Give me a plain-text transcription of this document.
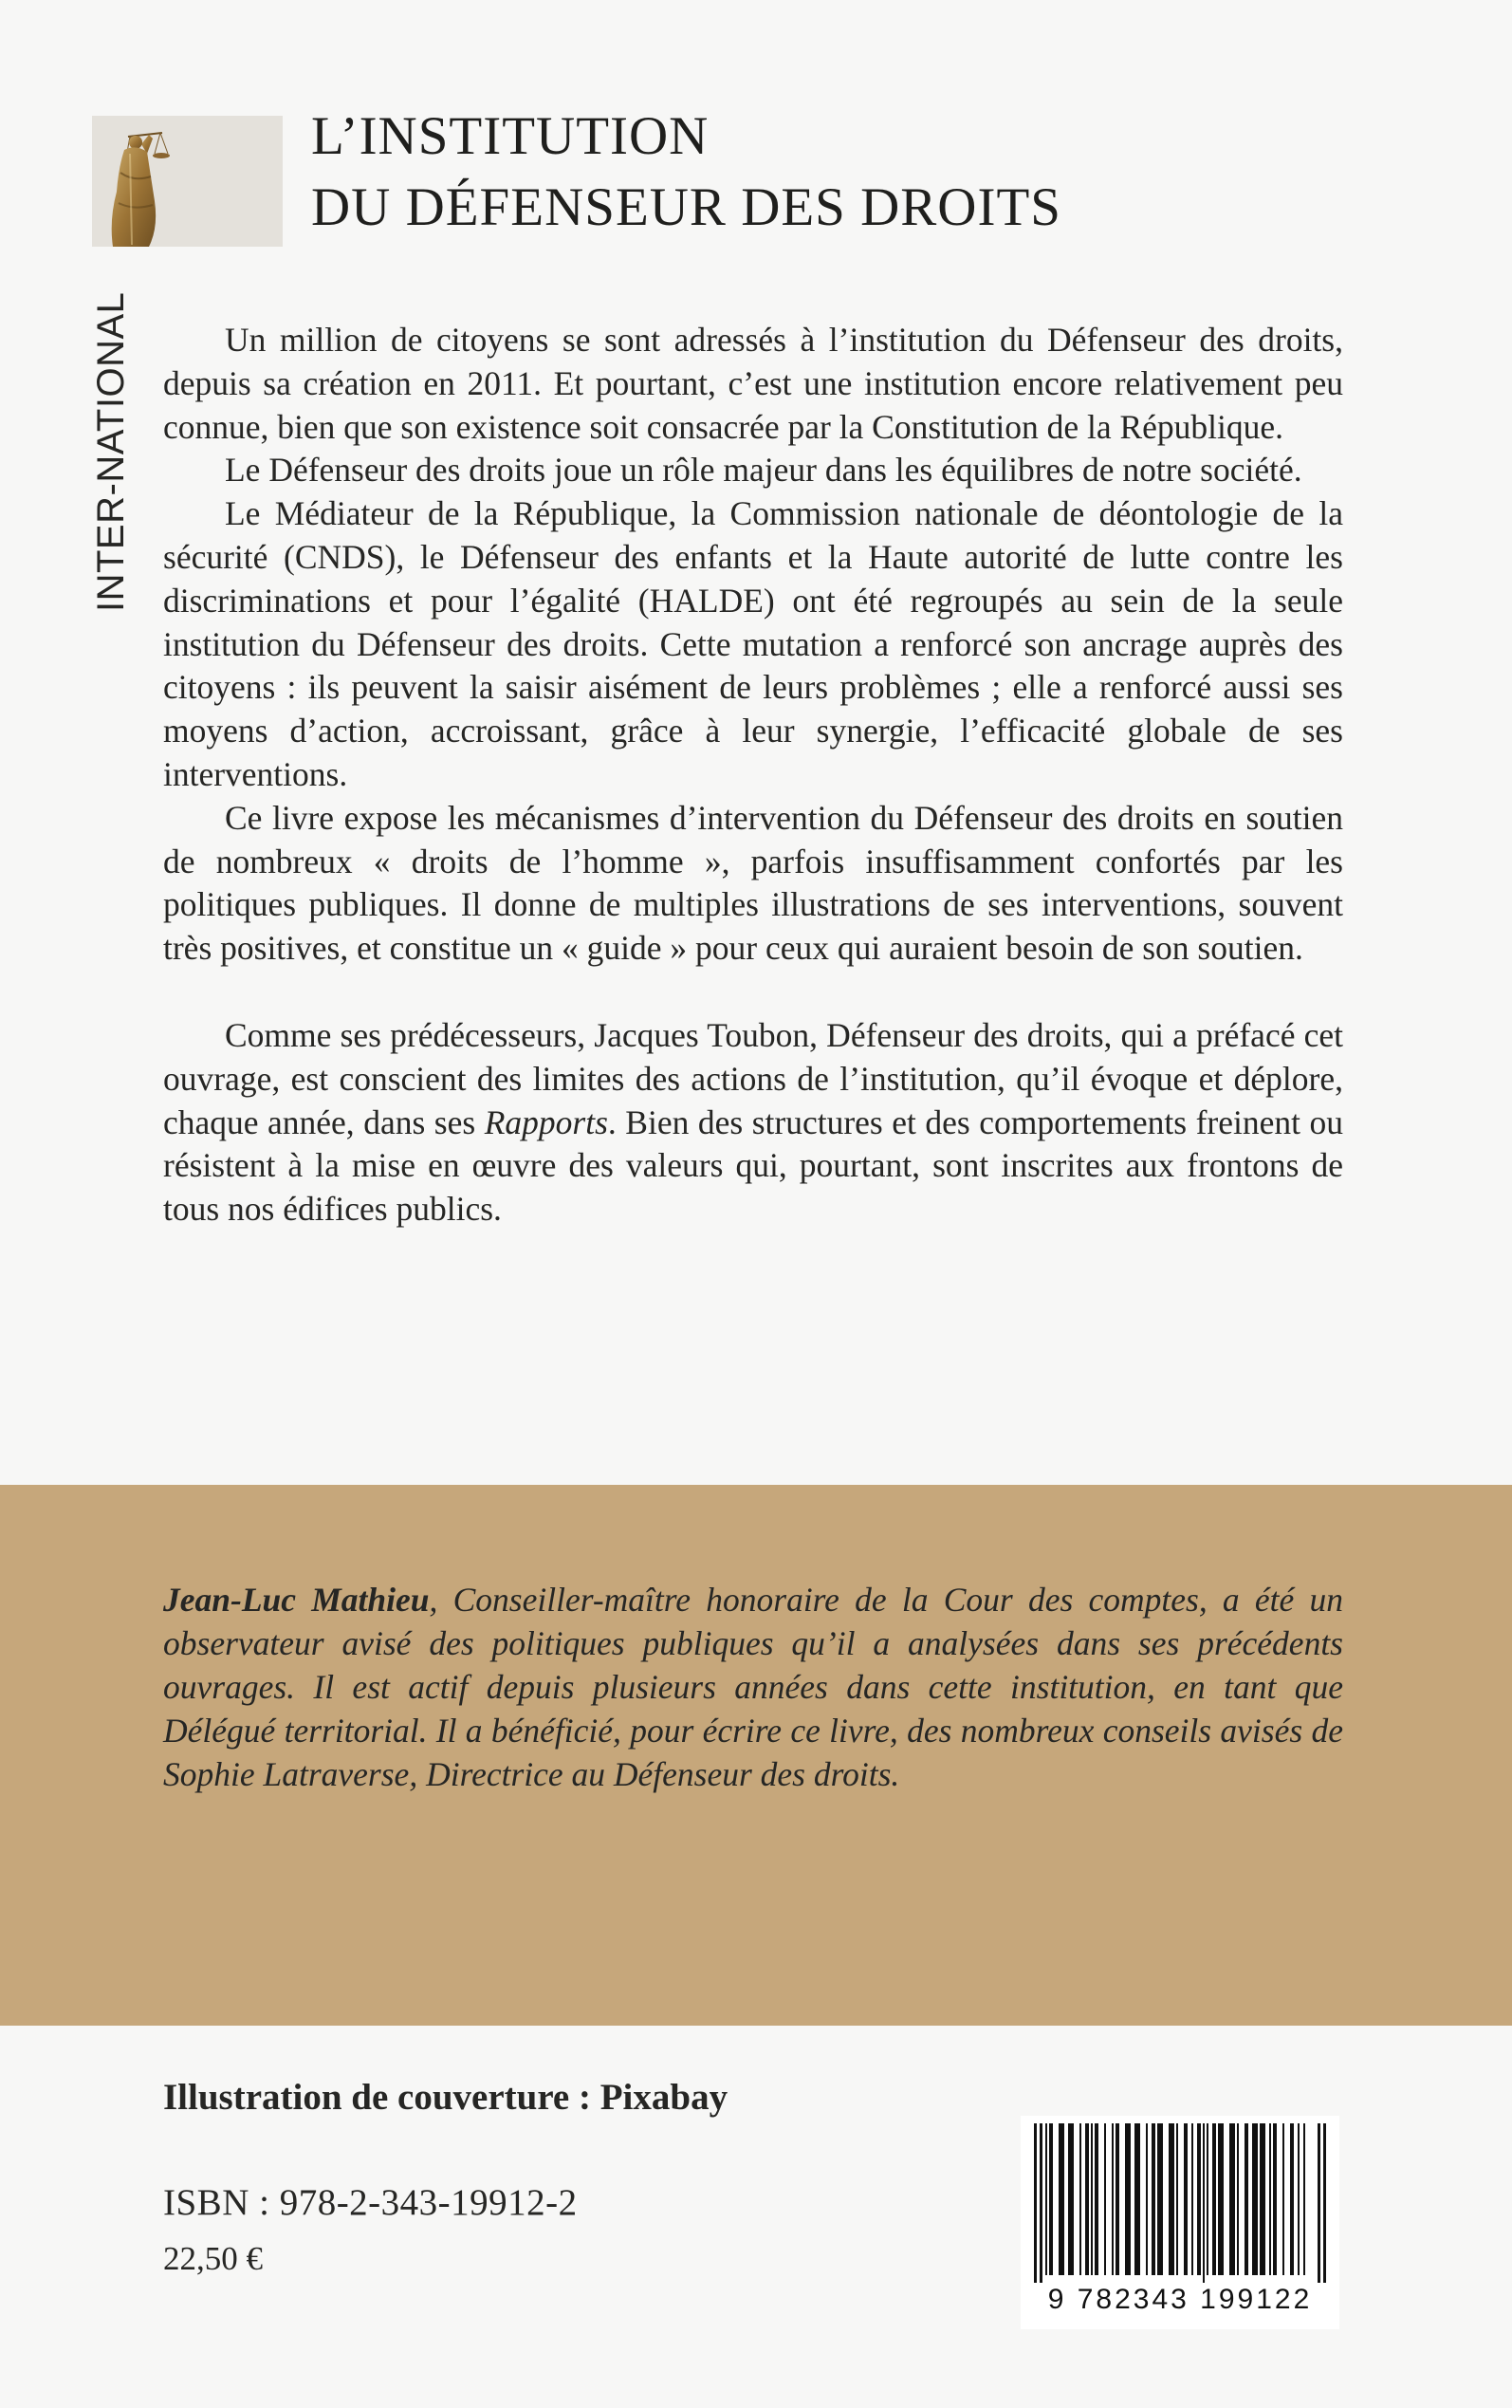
INTER-NATIONAL
L’INSTITUTION
DU DÉFENSEUR DES DROITS

Un million de citoyens se sont adressés à l’institution du Défenseur des droits, depuis sa création en 2011. Et pourtant, c’est une institution encore relativement peu connue, bien que son existence soit consacrée par la Constitution de la République.

Le Défenseur des droits joue un rôle majeur dans les équilibres de notre société.

Le Médiateur de la République, la Commission nationale de déontologie de la sécurité (CNDS), le Défenseur des enfants et la Haute autorité de lutte contre les discriminations et pour l’égalité (HALDE) ont été regroupés au sein de la seule institution du Défenseur des droits. Cette mutation a renforcé son ancrage auprès des citoyens : ils peuvent la saisir aisément de leurs problèmes ; elle a renforcé aussi ses moyens d’action, accroissant, grâce à leur synergie, l’efficacité globale de ses interventions.

Ce livre expose les mécanismes d’intervention du Défenseur des droits en soutien de nombreux « droits de l’homme », parfois insuffisamment confortés par les politiques publiques. Il donne de multiples illustrations de ses interventions, souvent très positives, et constitue un « guide » pour ceux qui auraient besoin de son soutien.

Comme ses prédécesseurs, Jacques Toubon, Défenseur des droits, qui a préfacé cet ouvrage, est conscient des limites des actions de l’institution, qu’il évoque et déplore, chaque année, dans ses Rapports. Bien des structures et des comportements freinent ou résistent à la mise en œuvre des valeurs qui, pourtant, sont inscrites aux frontons de tous nos édifices publics.

Jean-Luc Mathieu, Conseiller-maître honoraire de la Cour des comptes, a été un observateur avisé des politiques publiques qu’il a analysées dans ses précédents ouvrages. Il est actif depuis plusieurs années dans cette institution, en tant que Délégué territorial. Il a bénéficié, pour écrire ce livre, des nombreux conseils avisés de Sophie Latraverse, Directrice au Défenseur des droits.

Illustration de couverture : Pixabay

ISBN : 978-2-343-19912-2

22,50 €

9 782343 199122
